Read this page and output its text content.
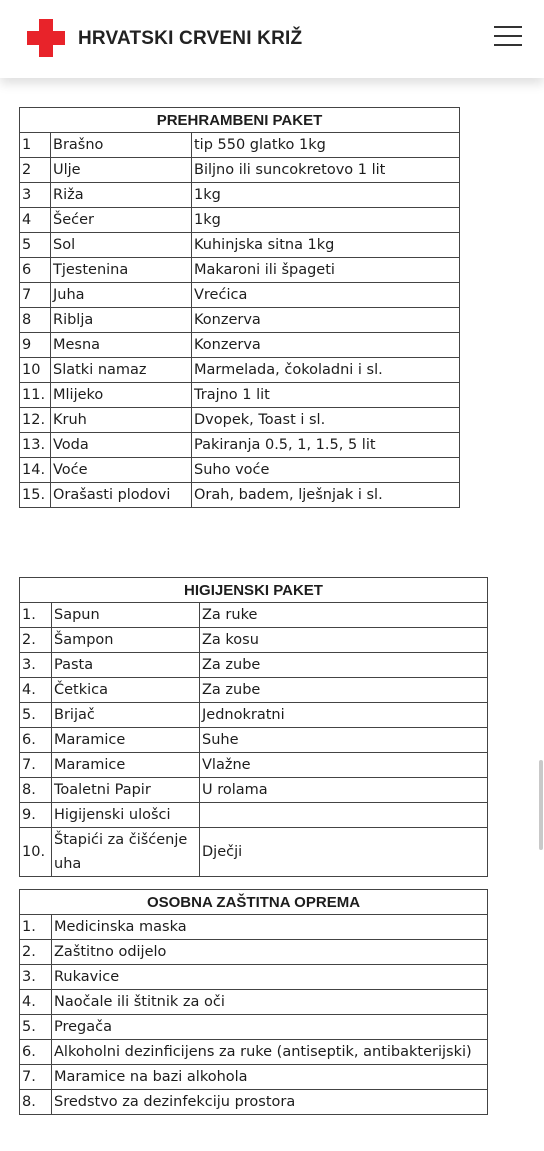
HRVATSKI CRVENI KRIŽ
PREHRAMBENI PAKET		
1	Brašno	tip 550 glatko 1kg
2	Ulje	Biljno ili suncokretovo 1 lit
3	Riža	1kg
4	Šećer	1kg
5	Sol	Kuhinjska sitna 1kg
6	Tjestenina	Makaroni ili špageti
7	Juha	Vrećica
8	Riblja	Konzerva
9	Mesna	Konzerva
10	Slatki namaz	Marmelada, čokoladni i sl.
11.	Mlijeko	Trajno 1 lit
12.	Kruh	Dvopek, Toast i sl.
13.	Voda	Pakiranja 0.5, 1, 1.5, 5 lit
14.	Voće	Suho voće
15.	Orašasti plodovi	Orah, badem, lješnjak i sl.
HIGIJENSKI PAKET		
1.	Sapun	Za ruke
2.	Šampon	Za kosu
3.	Pasta	Za zube
4.	Četkica	Za zube
5.	Brijač	Jednokratni
6.	Maramice	Suhe
7.	Maramice	Vlažne
8.	Toaletni Papir	U rolama
9.	Higijenski ulošci	
10.	Štapići za čišćenje uha	Dječji
OSOBNA ZAŠTITNA OPREMA	
1.	Medicinska maska
2.	Zaštitno odijelo
3.	Rukavice
4.	Naočale ili štitnik za oči
5.	Pregača
6.	Alkoholni dezinficijens za ruke (antiseptik, antibakterijski)
7.	Maramice na bazi alkohola
8.	Sredstvo za dezinfekciju prostora
